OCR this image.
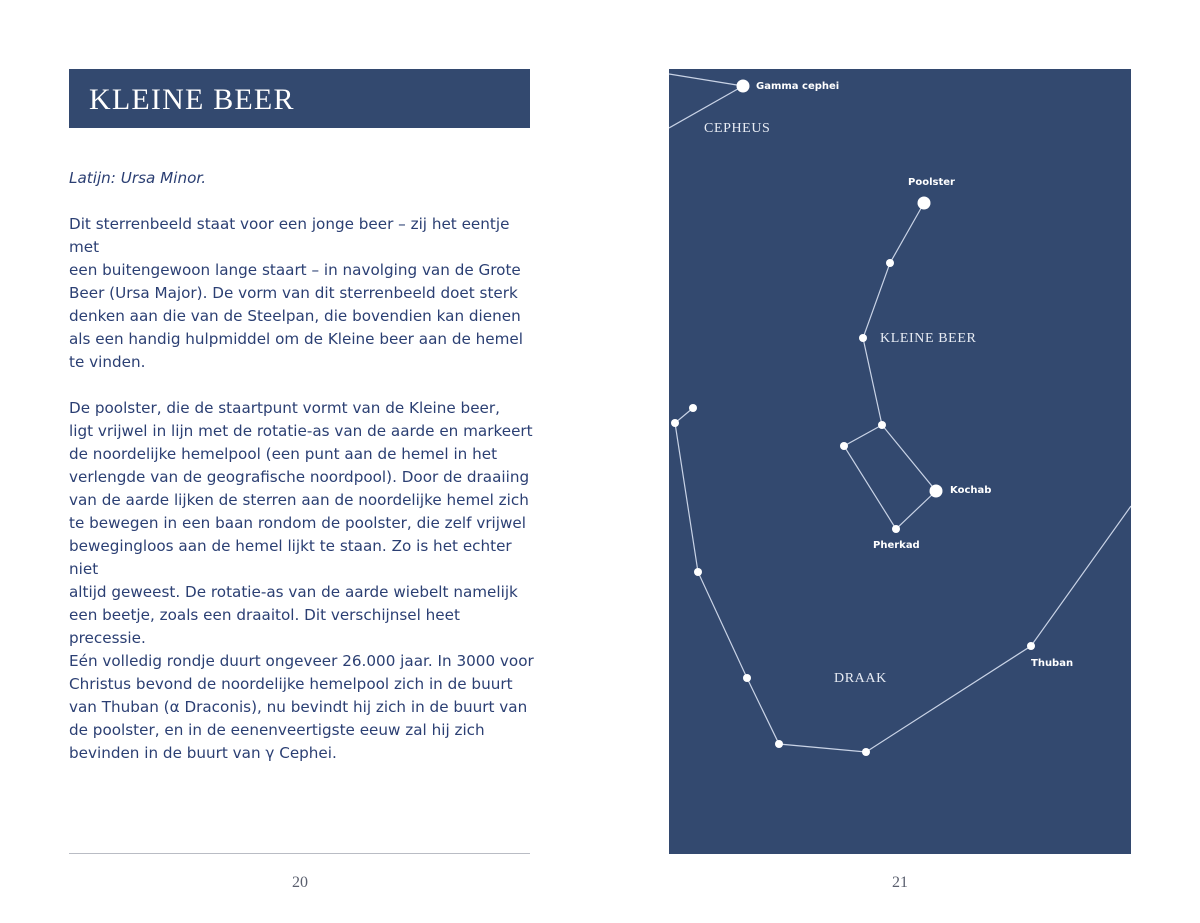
KLEINE BEER

Latijn: Ursa Minor.

Dit sterrenbeeld staat voor een jonge beer – zij het eentje met
een buitengewoon lange staart – in navolging van de Grote
Beer (Ursa Major). De vorm van dit sterrenbeeld doet sterk
denken aan die van de Steelpan, die bovendien kan dienen
als een handig hulpmiddel om de Kleine beer aan de hemel
te vinden.

De poolster, die de staartpunt vormt van de Kleine beer,
ligt vrijwel in lijn met de rotatie-as van de aarde en markeert
de noordelijke hemelpool (een punt aan de hemel in het
verlengde van de geografische noordpool). Door de draaiing
van de aarde lijken de sterren aan de noordelijke hemel zich
te bewegen in een baan rondom de poolster, die zelf vrijwel
bewegingloos aan de hemel lijkt te staan. Zo is het echter niet
altijd geweest. De rotatie-as van de aarde wiebelt namelijk
een beetje, zoals een draaitol. Dit verschijnsel heet precessie.
Eén volledig rondje duurt ongeveer 26.000 jaar. In 3000 voor
Christus bevond de noordelijke hemelpool zich in de buurt
van Thuban (α Draconis), nu bevindt hij zich in de buurt van
de poolster, en in de eenenveertigste eeuw zal hij zich
bevinden in de buurt van γ Cephei.

20
Gamma cephei
CEPHEUS
Poolster
KLEINE BEER
Kochab
Pherkad
DRAAK
Thuban
21
